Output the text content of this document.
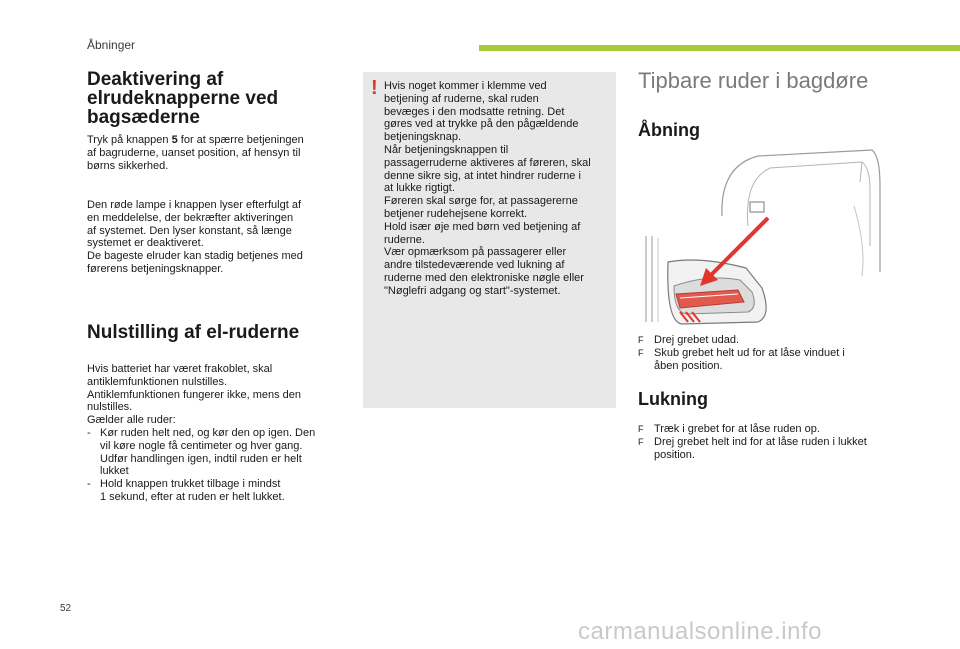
Åbninger
Deaktivering af
elrudeknapperne ved
bagsæderne
Tryk på knappen 5 for at spærre betjeningen
af bagruderne, uanset position, af hensyn til
børns sikkerhed.
Den røde lampe i knappen lyser efterfulgt af
en meddelelse, der bekræfter aktiveringen
af systemet. Den lyser konstant, så længe
systemet er deaktiveret.
De bageste elruder kan stadig betjenes med
førerens betjeningsknapper.
Nulstilling af el-ruderne
Hvis batteriet har været frakoblet, skal
antiklemfunktionen nulstilles.
Antiklemfunktionen fungerer ikke, mens den
nulstilles.
Gælder alle ruder:
- Kør ruden helt ned, og kør den op igen. Den
vil køre nogle få centimeter og hver gang.
Udfør handlingen igen, indtil ruden er helt
lukket
- Hold knappen trukket tilbage i mindst
1 sekund, efter at ruden er helt lukket.
! Hvis noget kommer i klemme ved
betjening af ruderne, skal ruden
bevæges i den modsatte retning. Det
gøres ved at trykke på den pågældende
betjeningsknap.
Når betjeningsknappen til
passagerruderne aktiveres af føreren, skal
denne sikre sig, at intet hindrer ruderne i
at lukke rigtigt.
Føreren skal sørge for, at passagererne
betjener rudehejsene korrekt.
Hold især øje med børn ved betjening af
ruderne.
Vær opmærksom på passagerer eller
andre tilstedeværende ved lukning af
ruderne med den elektroniske nøgle eller
"Nøglefri adgang og start"-systemet.
Tipbare ruder i bagdøre
Åbning
F Drej grebet udad.
F Skub grebet helt ud for at låse vinduet i
åben position.
Lukning
F Træk i grebet for at låse ruden op.
F Drej grebet helt ind for at låse ruden i lukket
position.
52
carmanualsonline.info
